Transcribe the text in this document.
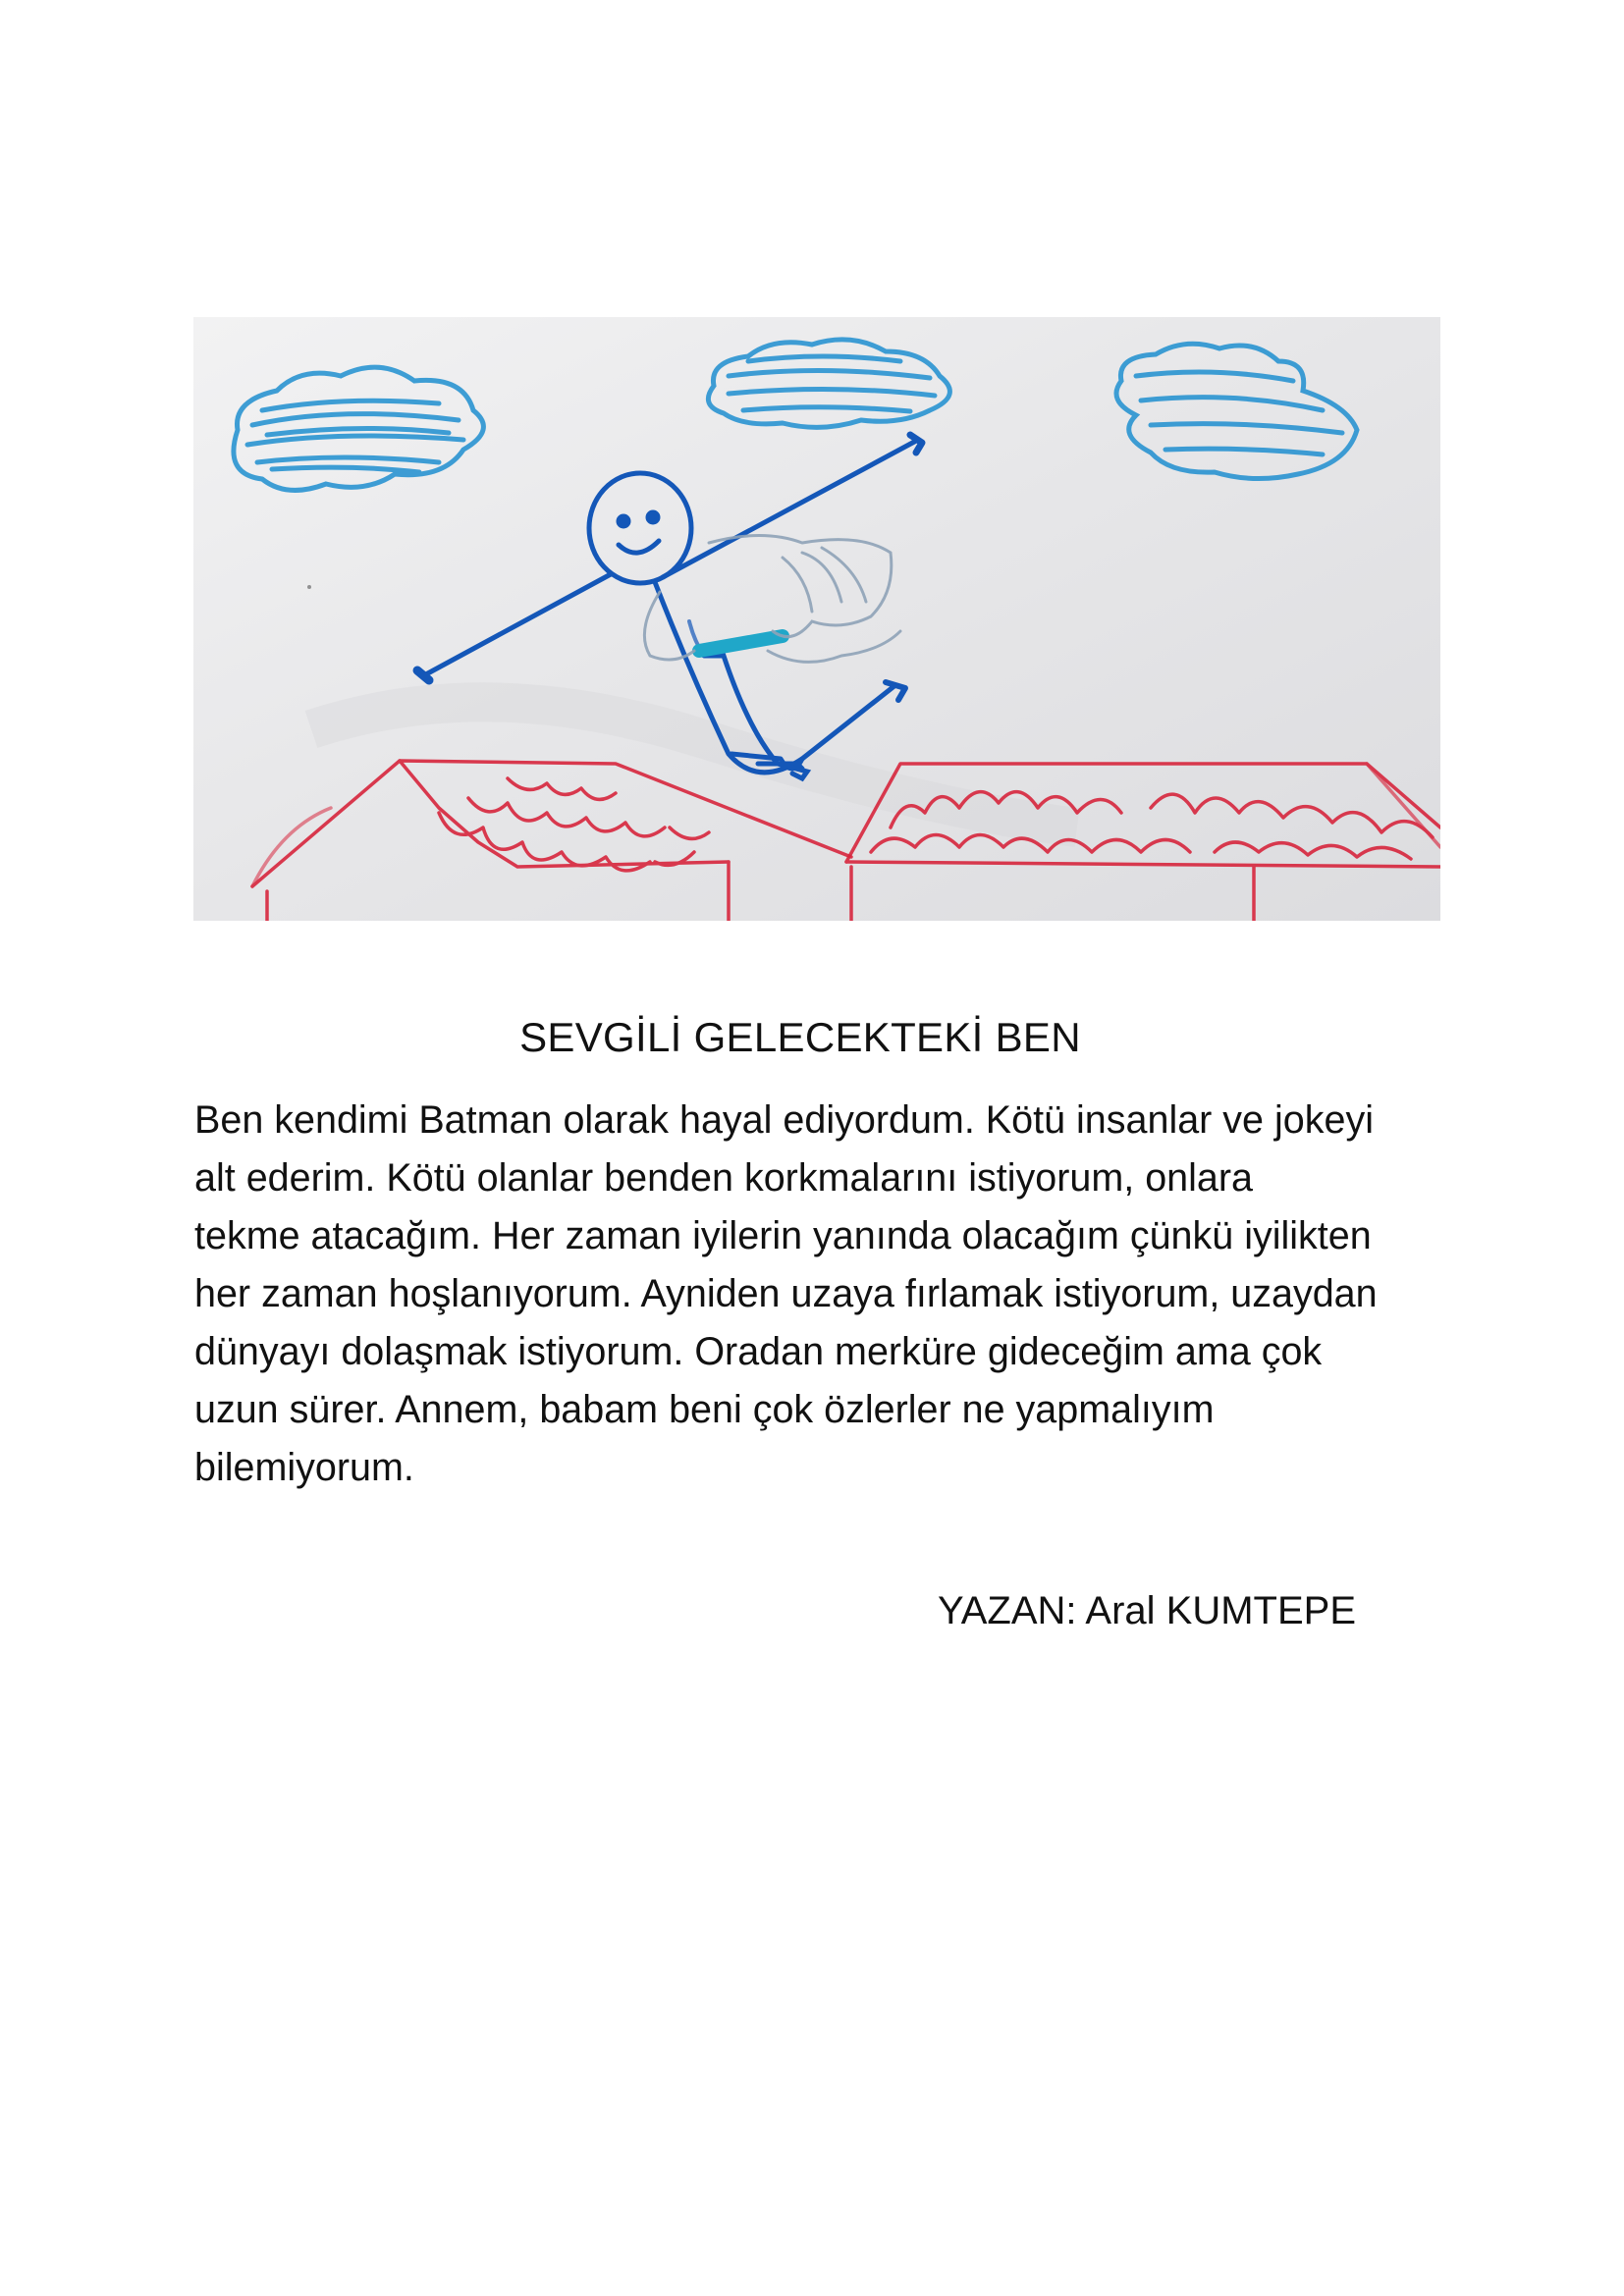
SEVGİLİ GELECEKTEKİ BEN

Ben kendimi Batman olarak hayal ediyordum. Kötü insanlar ve jokeyi
alt ederim. Kötü olanlar benden korkmalarını istiyorum, onlara
tekme atacağım. Her zaman iyilerin yanında olacağım çünkü iyilikten
her zaman hoşlanıyorum. Ayniden uzaya fırlamak istiyorum, uzaydan
dünyayı dolaşmak istiyorum. Oradan merküre gideceğim ama çok
uzun sürer. Annem, babam beni çok özlerler ne yapmalıyım
bilemiyorum.

YAZAN: Aral KUMTEPE
